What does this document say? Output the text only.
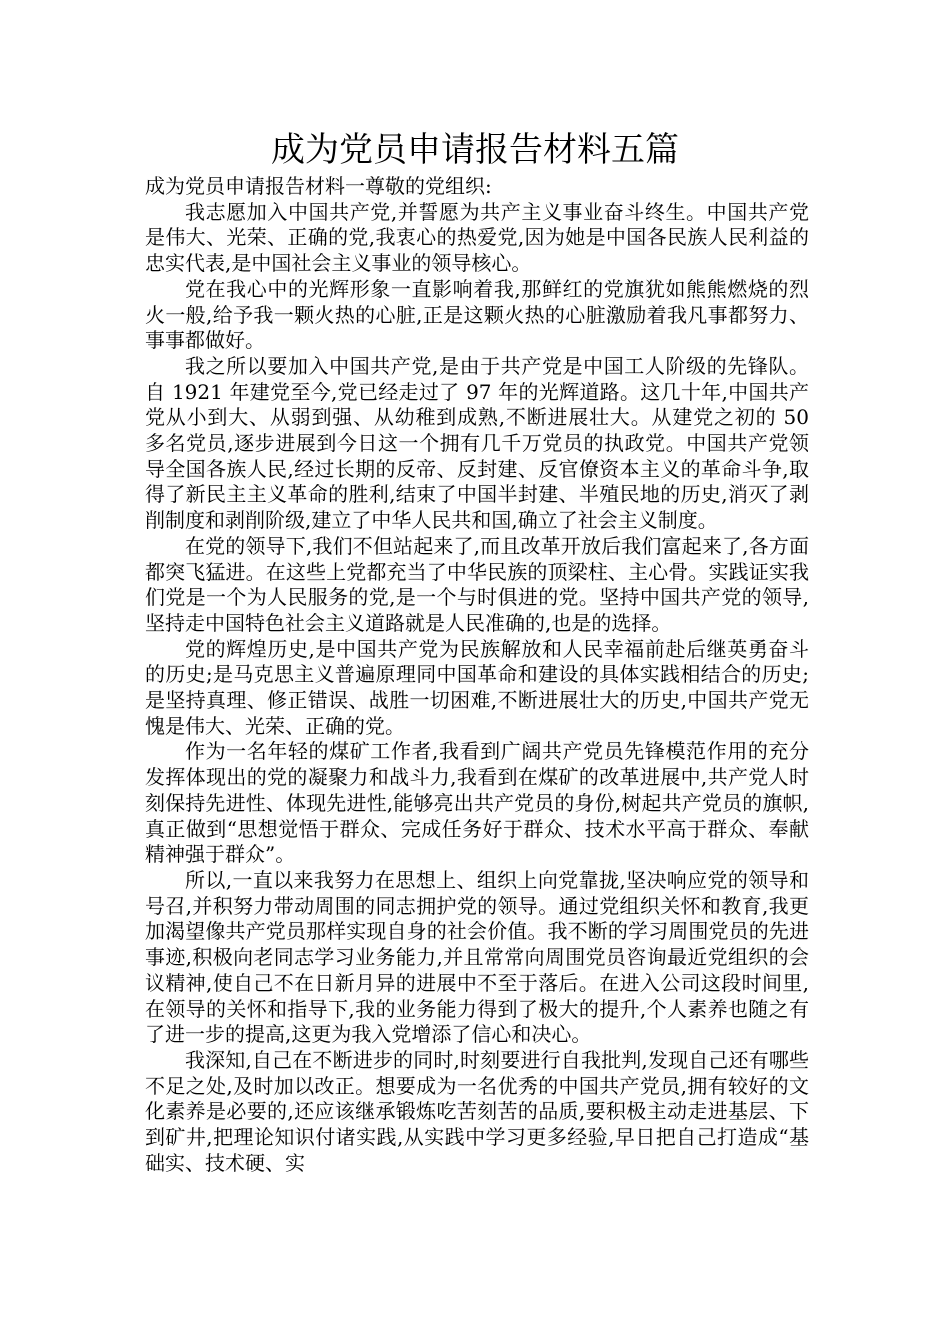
成为党员申请报告材料五篇

成为党员申请报告材料一尊敬的党组织:

我志愿加入中国共产党,并誓愿为共产主义事业奋斗终生。中国共产党是伟大、光荣、正确的党,我衷心的热爱党,因为她是中国各民族人民利益的忠实代表,是中国社会主义事业的领导核心。

党在我心中的光辉形象一直影响着我,那鲜红的党旗犹如熊熊燃烧的烈火一般,给予我一颗火热的心脏,正是这颗火热的心脏激励着我凡事都努力、事事都做好。

我之所以要加入中国共产党,是由于共产党是中国工人阶级的先锋队。自 1921 年建党至今,党已经走过了 97 年的光辉道路。这几十年,中国共产党从小到大、从弱到强、从幼稚到成熟,不断进展壮大。从建党之初的 50 多名党员,逐步进展到今日这一个拥有几千万党员的执政党。中国共产党领导全国各族人民,经过长期的反帝、反封建、反官僚资本主义的革命斗争,取得了新民主主义革命的胜利,结束了中国半封建、半殖民地的历史,消灭了剥削制度和剥削阶级,建立了中华人民共和国,确立了社会主义制度。

在党的领导下,我们不但站起来了,而且改革开放后我们富起来了,各方面都突飞猛进。在这些上党都充当了中华民族的顶梁柱、主心骨。实践证实我们党是一个为人民服务的党,是一个与时俱进的党。坚持中国共产党的领导,坚持走中国特色社会主义道路就是人民准确的,也是的选择。

党的辉煌历史,是中国共产党为民族解放和人民幸福前赴后继英勇奋斗的历史;是马克思主义普遍原理同中国革命和建设的具体实践相结合的历史;是坚持真理、修正错误、战胜一切困难,不断进展壮大的历史,中国共产党无愧是伟大、光荣、正确的党。

作为一名年轻的煤矿工作者,我看到广阔共产党员先锋模范作用的充分发挥体现出的党的凝聚力和战斗力,我看到在煤矿的改革进展中,共产党人时刻保持先进性、体现先进性,能够亮出共产党员的身份,树起共产党员的旗帜,真正做到“思想觉悟于群众、完成任务好于群众、技术水平高于群众、奉献精神强于群众”。

所以,一直以来我努力在思想上、组织上向党靠拢,坚决响应党的领导和号召,并积努力带动周围的同志拥护党的领导。通过党组织关怀和教育,我更加渴望像共产党员那样实现自身的社会价值。我不断的学习周围党员的先进事迹,积极向老同志学习业务能力,并且常常向周围党员咨询最近党组织的会议精神,使自己不在日新月异的进展中不至于落后。在进入公司这段时间里,在领导的关怀和指导下,我的业务能力得到了极大的提升,个人素养也随之有了进一步的提高,这更为我入党增添了信心和决心。

我深知,自己在不断进步的同时,时刻要进行自我批判,发现自己还有哪些不足之处,及时加以改正。想要成为一名优秀的中国共产党员,拥有较好的文化素养是必要的,还应该继承锻炼吃苦刻苦的品质,要积极主动走进基层、下到矿井,把理论知识付诸实践,从实践中学习更多经验,早日把自己打造成“基础实、技术硬、实
